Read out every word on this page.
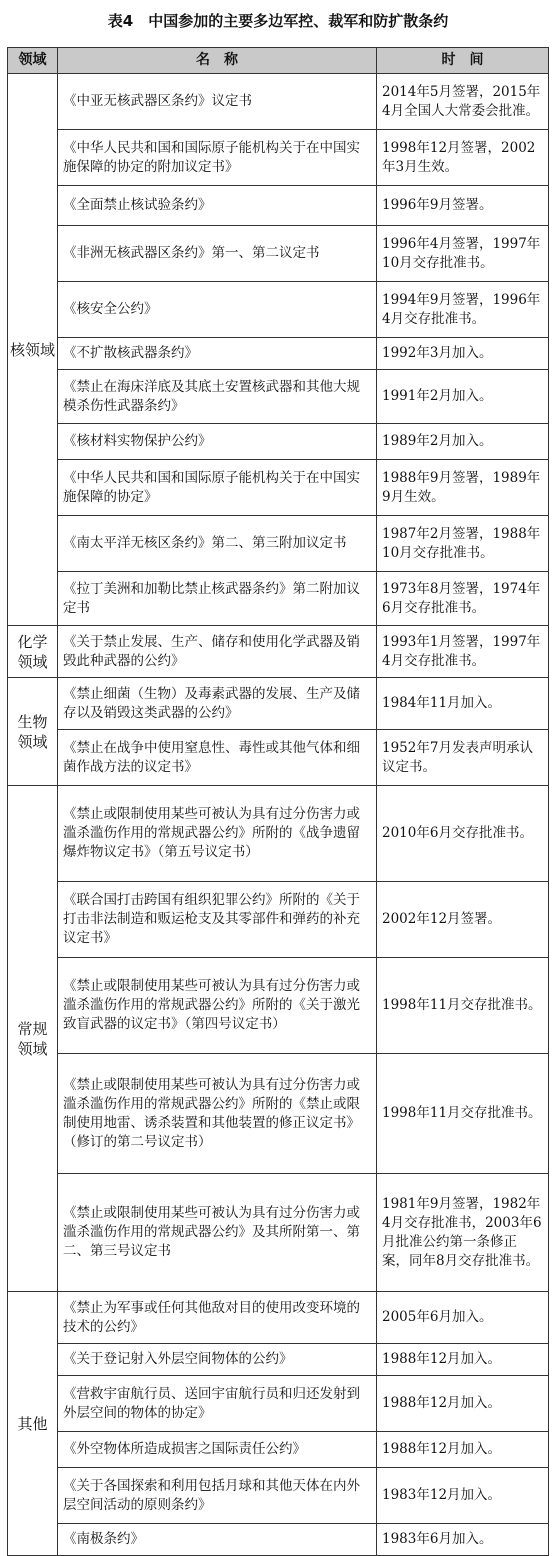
表4　中国参加的主要多边军控、裁军和防扩散条约
领域	名　称	时　间
核领域	《中亚无核武器区条约》议定书	2014年5月签署，2015年4月全国人大常委会批准。
	《中华人民共和国和国际原子能机构关于在中国实施保障的协定的附加议定书》	1998年12月签署，2002年3月生效。
	《全面禁止核试验条约》	1996年9月签署。
	《非洲无核武器区条约》第一、第二议定书	1996年4月签署，1997年10月交存批准书。
	《核安全公约》	1994年9月签署，1996年4月交存批准书。
	《不扩散核武器条约》	1992年3月加入。
	《禁止在海床洋底及其底土安置核武器和其他大规模杀伤性武器条约》	1991年2月加入。
	《核材料实物保护公约》	1989年2月加入。
	《中华人民共和国和国际原子能机构关于在中国实施保障的协定》	1988年9月签署，1989年9月生效。
	《南太平洋无核区条约》第二、第三附加议定书	1987年2月签署，1988年10月交存批准书。
	《拉丁美洲和加勒比禁止核武器条约》第二附加议定书	1973年8月签署，1974年6月交存批准书。
化学
领域	《关于禁止发展、生产、储存和使用化学武器及销毁此种武器的公约》	1993年1月签署，1997年4月交存批准书。
生物
领域	《禁止细菌（生物）及毒素武器的发展、生产及储存以及销毁这类武器的公约》	1984年11月加入。
	《禁止在战争中使用窒息性、毒性或其他气体和细菌作战方法的议定书》	1952年7月发表声明承认议定书。
常规
领域	《禁止或限制使用某些可被认为具有过分伤害力或滥杀滥伤作用的常规武器公约》所附的《战争遗留爆炸物议定书》（第五号议定书）	2010年6月交存批准书。
	《联合国打击跨国有组织犯罪公约》所附的《关于打击非法制造和贩运枪支及其零部件和弹药的补充议定书》	2002年12月签署。
	《禁止或限制使用某些可被认为具有过分伤害力或滥杀滥伤作用的常规武器公约》所附的《关于激光致盲武器的议定书》（第四号议定书）	1998年11月交存批准书。
	《禁止或限制使用某些可被认为具有过分伤害力或滥杀滥伤作用的常规武器公约》所附的《禁止或限制使用地雷、诱杀装置和其他装置的修正议定书》（修订的第二号议定书）	1998年11月交存批准书。
	《禁止或限制使用某些可被认为具有过分伤害力或滥杀滥伤作用的常规武器公约》及其所附第一、第二、第三号议定书	1981年9月签署，1982年4月交存批准书，2003年6月批准公约第一条修正案，同年8月交存批准书。
其他	《禁止为军事或任何其他敌对目的使用改变环境的技术的公约》	2005年6月加入。
	《关于登记射入外层空间物体的公约》	1988年12月加入。
	《营救宇宙航行员、送回宇宙航行员和归还发射到外层空间的物体的协定》	1988年12月加入。
	《外空物体所造成损害之国际责任公约》	1988年12月加入。
	《关于各国探索和利用包括月球和其他天体在内外层空间活动的原则条约》	1983年12月加入。
	《南极条约》	1983年6月加入。
